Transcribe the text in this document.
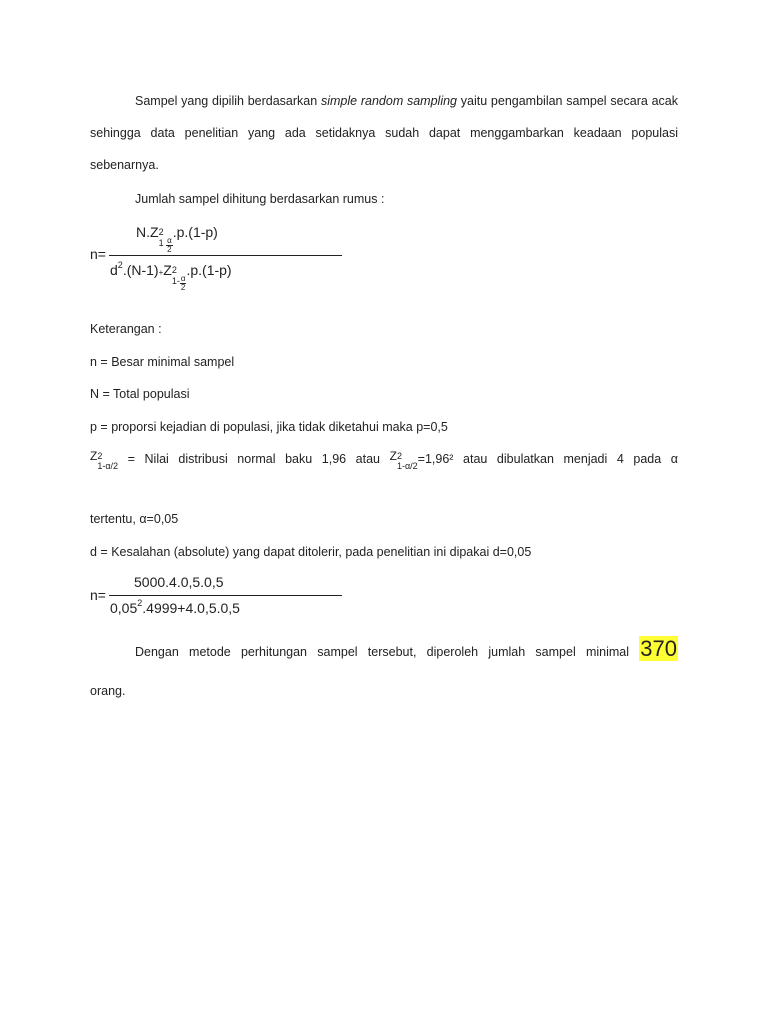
Sampel yang dipilih berdasarkan simple random sampling yaitu pengambilan sampel secara acak sehingga data penelitian yang ada setidaknya sudah dapat menggambarkan keadaan populasi sebenarnya.
Jumlah sampel dihitung berdasarkan rumus :
n=
N.Z 2
$1 \frac{\alpha}{2}$
.p.(1-p)
$d^2.(N-1)+Z$ 2
$1- \frac{\alpha}{2}$
.p.(1-p)
Keterangan :
n = Besar minimal sampel
N = Total populasi
p = proporsi kejadian di populasi, jika tidak diketahui maka p=0,5
Z 2
1-α/2 = Nilai distribusi normal baku 1,96 atau Z 2
1-α/2 =1,96² atau dibulatkan menjadi 4 pada α
tertentu, α=0,05
d = Kesalahan (absolute) yang dapat ditolerir, pada penelitian ini dipakai d=0,05
n=
5000.4.0,5.0,5
$0,05^2.4999+4.0,5.0,5$
Dengan metode perhitungan sampel tersebut, diperoleh jumlah sampel minimal 370
orang.
